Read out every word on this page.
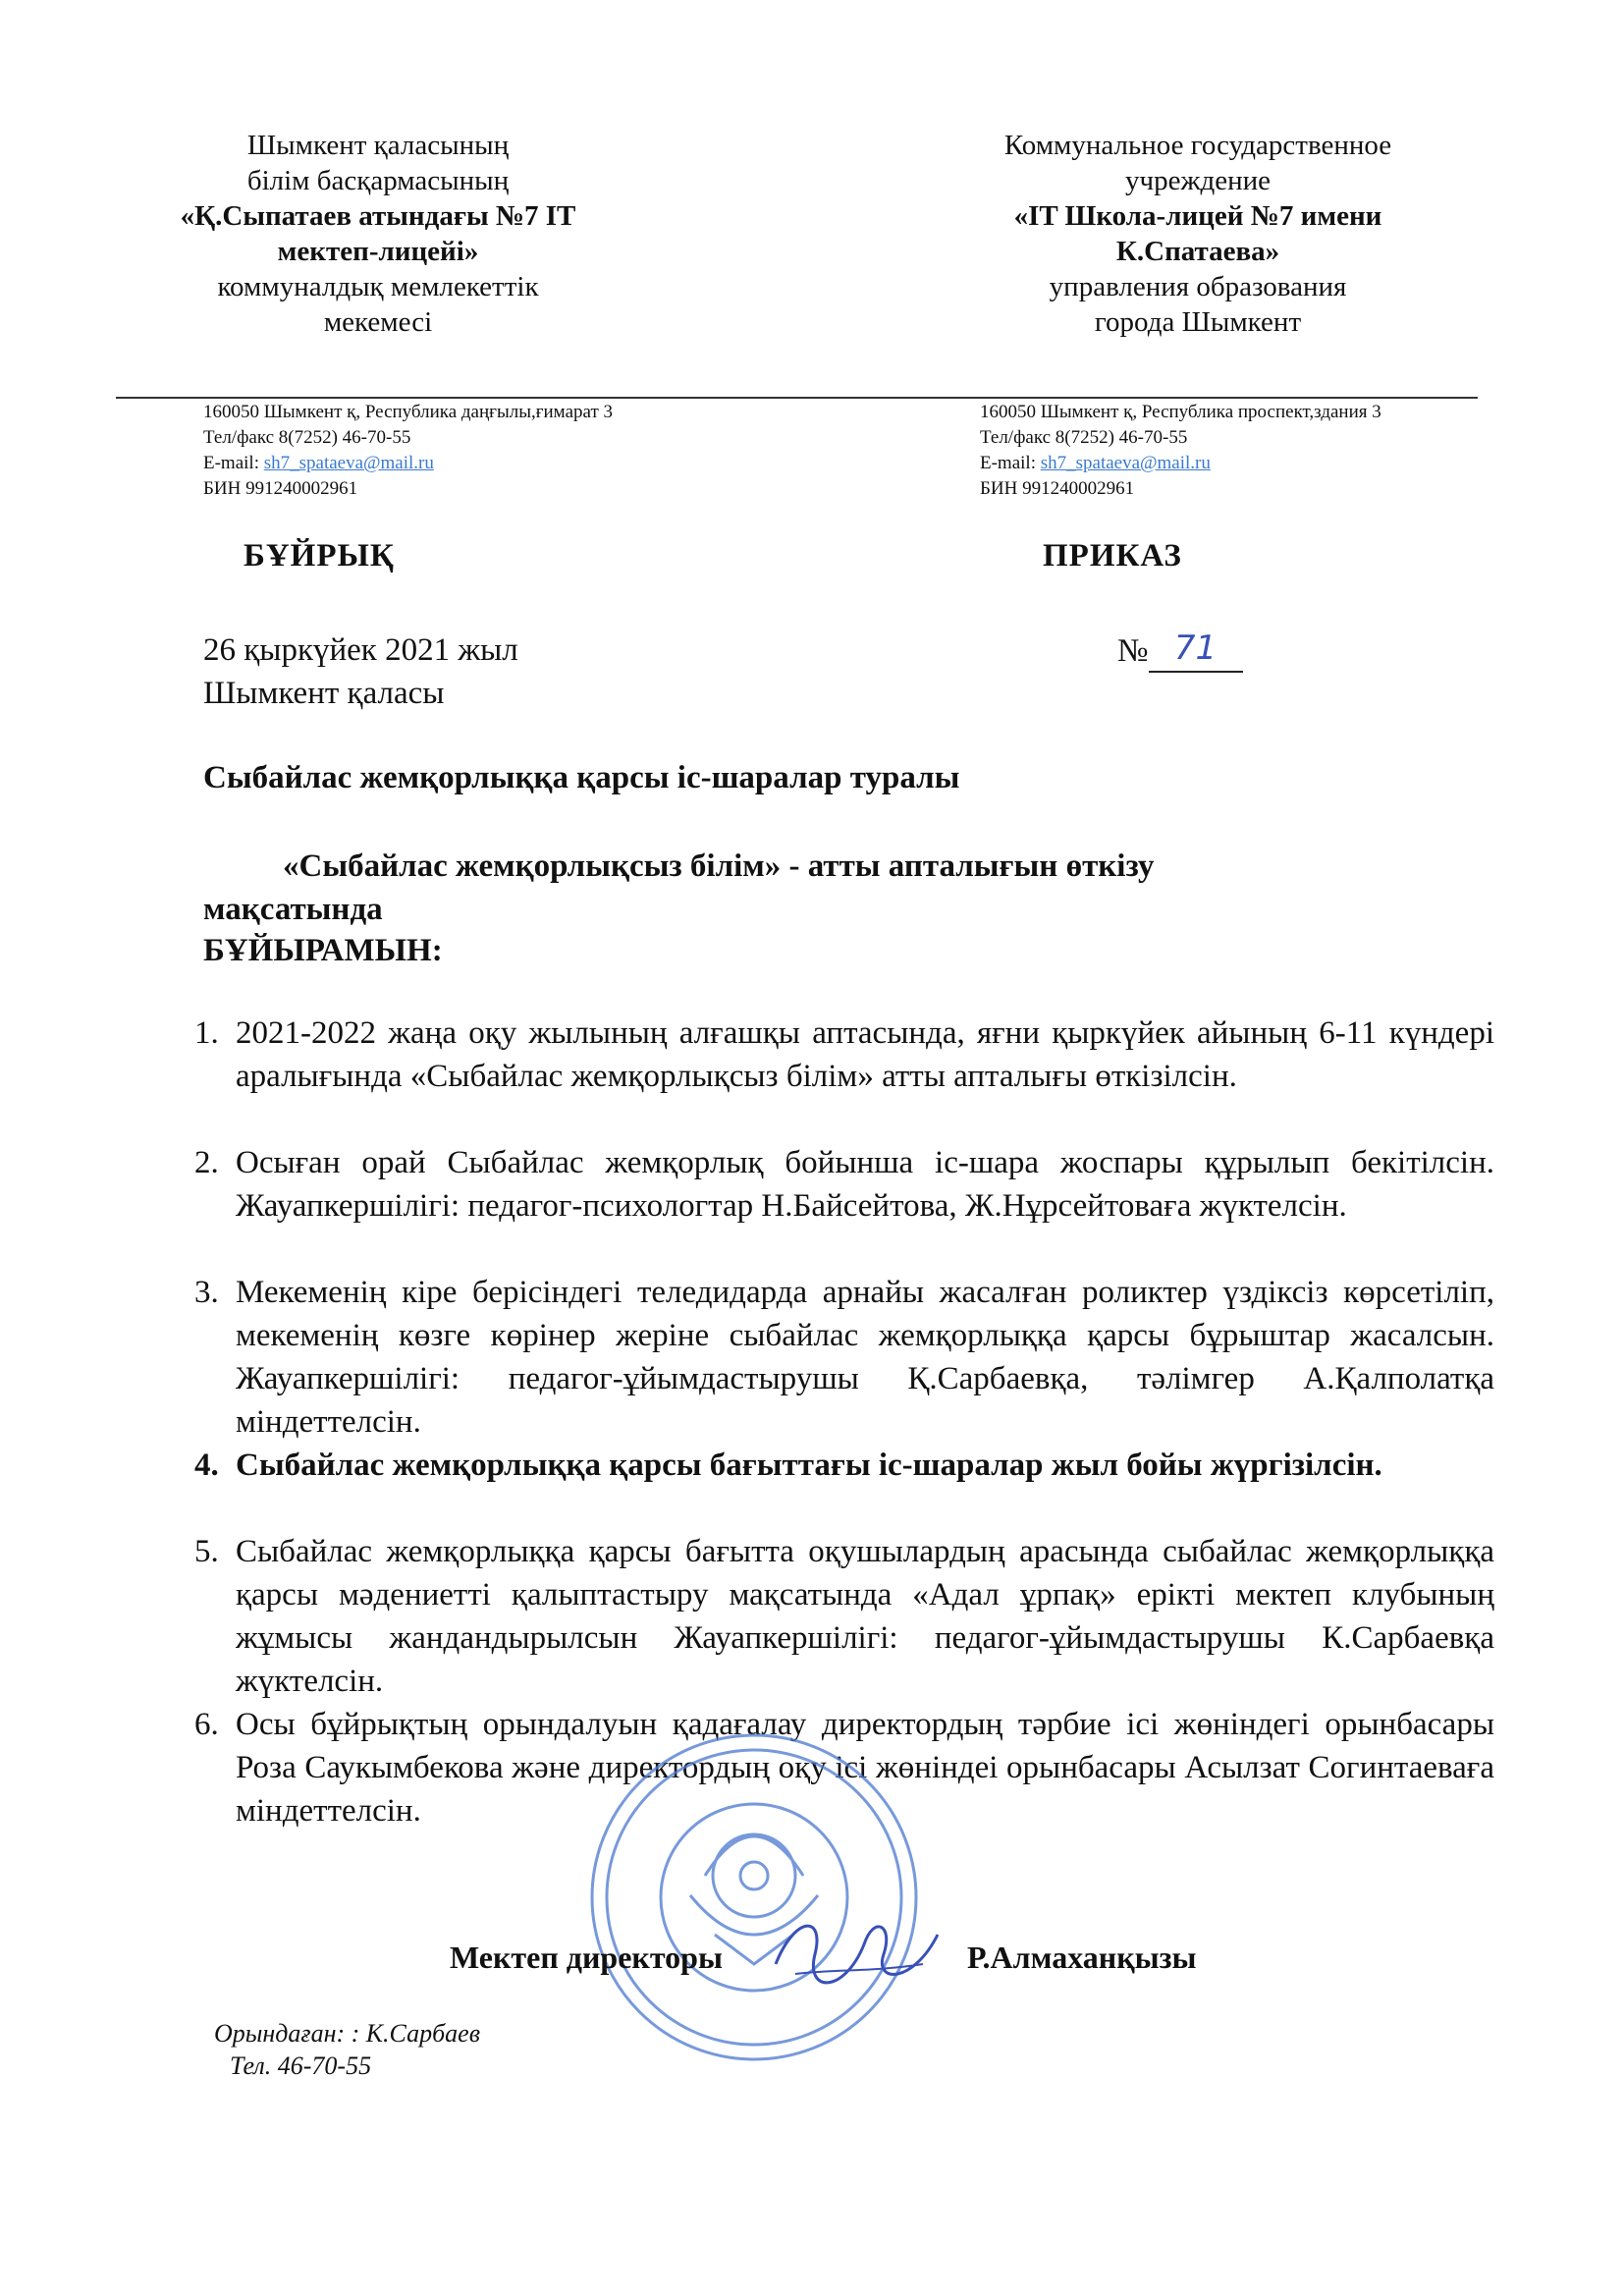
Шымкент қаласының
білім басқармасының
«Қ.Сыпатаев атындағы №7 IT
мектеп-лицейі»
коммуналдық мемлекеттік
мекемесі
Коммунальное государственное
учреждение
«IT Школа-лицей №7 имени
К.Спатаева»
управления образования
города Шымкент
160050 Шымкент қ, Республика даңғылы,ғимарат 3
Тел/факс 8(7252) 46-70-55
E-mail: sh7_spataeva@mail.ru
БИН 991240002961
160050 Шымкент қ, Республика проспект,здания 3
Тел/факс 8(7252) 46-70-55
E-mail: sh7_spataeva@mail.ru
БИН 991240002961
БҰЙРЫҚ	ПРИКАЗ
26 қыркүйек 2021 жыл
Шымкент қаласы
№ 71
Сыбайлас жемқорлыққа қарсы іс-шаралар туралы
«Сыбайлас жемқорлықсыз білім» - атты апталығын өткізу
мақсатында
БҰЙЫРАМЫН:
1. 2021-2022 жаңа оқу жылының алғашқы аптасында, яғни қыркүйек айының 6-11 күндері аралығында «Сыбайлас жемқорлықсыз білім» атты апталығы өткізілсін.
2. Осыған орай Сыбайлас жемқорлық бойынша іс-шара жоспары құрылып бекітілсін. Жауапкершілігі: педагог-психологтар Н.Байсейтова, Ж.Нұрсейтоваға жүктелсін.
3. Мекеменің кіре берісіндегі теледидарда арнайы жасалған роликтер үздіксіз көрсетіліп, мекеменің көзге көрінер жеріне сыбайлас жемқорлыққа қарсы бұрыштар жасалсын. Жауапкершілігі: педагог-ұйымдастырушы Қ.Сарбаевқа, тәлімгер А.Қалполатқа міндеттелсін.
4. Сыбайлас жемқорлыққа қарсы бағыттағы іс-шаралар жыл бойы жүргізілсін.
5. Сыбайлас жемқорлыққа қарсы бағытта оқушылардың арасында сыбайлас жемқорлыққа қарсы мәдениетті қалыптастыру мақсатында «Адал ұрпақ» ерікті мектеп клубының жұмысы жандандырылсын Жауапкершілігі: педагог-ұйымдастырушы К.Сарбаевқа жүктелсін.
6. Осы бұйрықтың орындалуын қадағалау директордың тәрбие ісі жөніндегі орынбасары Роза Саукымбекова және директордың оқу ісі жөніндеі орынбасары Асылзат Согинтаеваға міндеттелсін.
Мектеп директоры	Р.Алмаханқызы
Орындаған: : К.Сарбаев
Тел. 46-70-55
